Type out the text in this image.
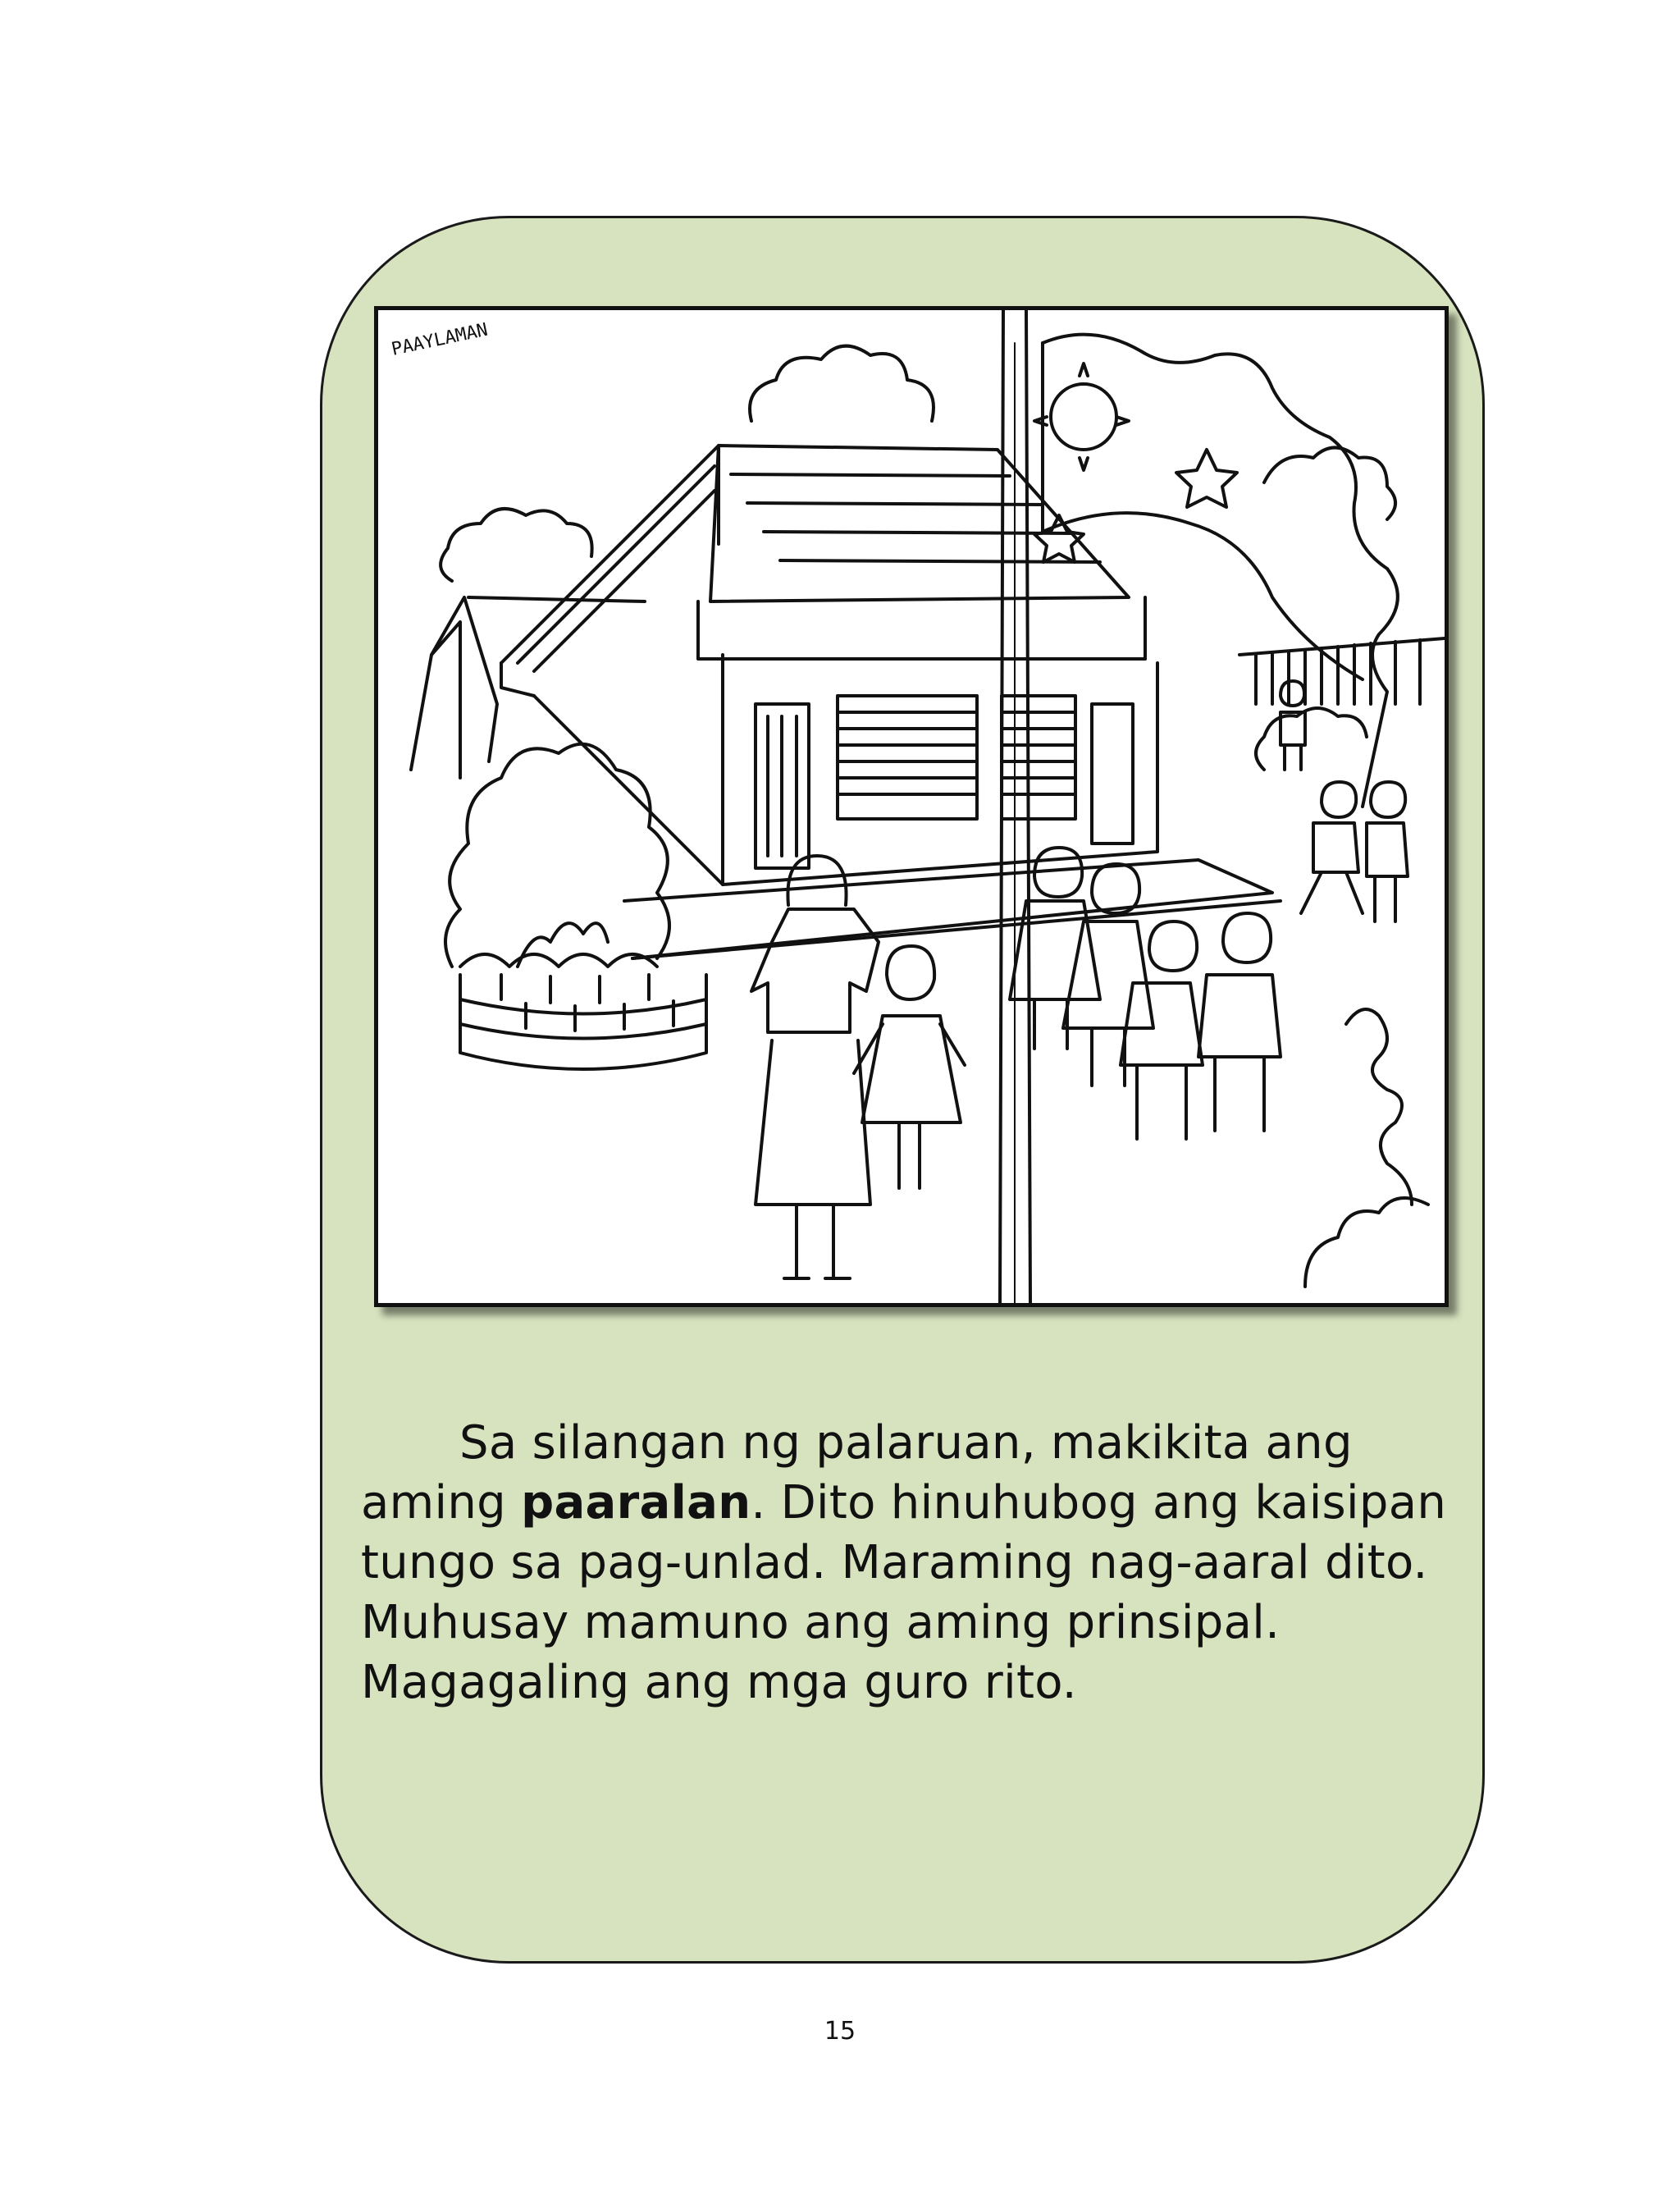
PAAYLAMAN
Sa silangan ng palaruan, makikita ang aming paaralan. Dito hinuhubog ang kaisipan tungo sa pag-unlad. Maraming nag-aaral dito. Muhusay mamuno ang aming prinsipal. Magagaling ang mga guro rito.
15
